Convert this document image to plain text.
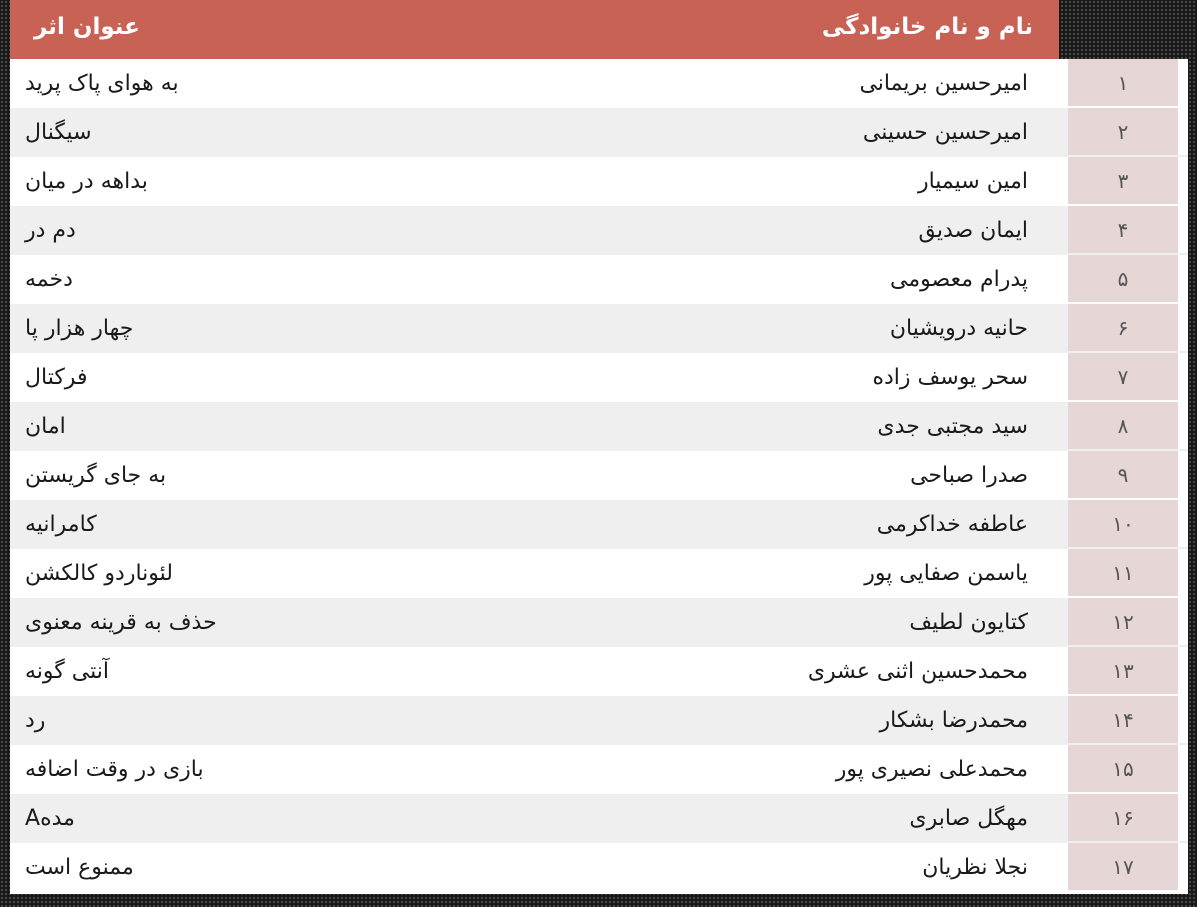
نام و نام خانوادگی
عنوان اثر
۱
امیرحسین بریمانی
به هوای پاک پرید
۲
امیرحسین حسینی
سیگنال
۳
امین سیمیار
بداهه در میان
۴
ایمان صدیق
دم در
۵
پدرام معصومی
دخمه
۶
حانیه درویشیان
چهار هزار پا
۷
سحر یوسف زاده
فرکتال
۸
سید مجتبی جدی
امان
۹
صدرا صباحی
به جای گریستن
۱۰
عاطفه خداکرمی
کامرانیه
۱۱
یاسمن صفایی پور
لئوناردو کالکشن
۱۲
کتایون لطیف
حذف به قرینه معنوی
۱۳
محمدحسین اثنی عشری
آنتی گونه
۱۴
محمدرضا بشکار
رد
۱۵
محمدعلی نصیری پور
بازی در وقت اضافه
۱۶
مهگل صابری
مدهA
۱۷
نجلا نظریان
ممنوع است
